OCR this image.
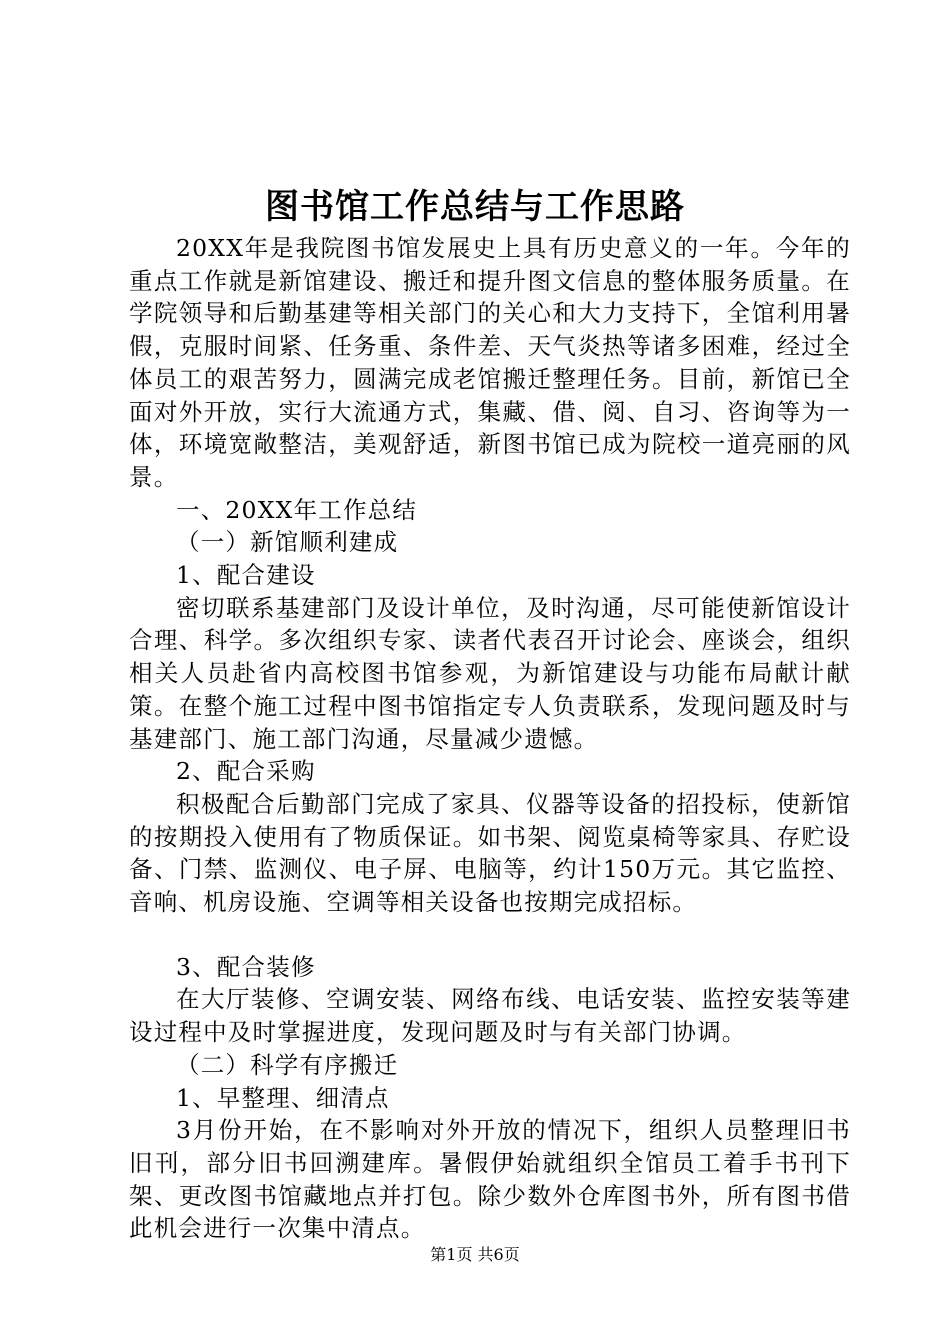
图书馆工作总结与工作思路

20XX年是我院图书馆发展史上具有历史意义的一年。今年的重点工作就是新馆建设、搬迁和提升图文信息的整体服务质量。在学院领导和后勤基建等相关部门的关心和大力支持下，全馆利用暑假，克服时间紧、任务重、条件差、天气炎热等诸多困难，经过全体员工的艰苦努力，圆满完成老馆搬迁整理任务。目前，新馆已全面对外开放，实行大流通方式，集藏、借、阅、自习、咨询等为一体，环境宽敞整洁，美观舒适，新图书馆已成为院校一道亮丽的风景。

一、20XX年工作总结

（一）新馆顺利建成

1、配合建设

密切联系基建部门及设计单位，及时沟通，尽可能使新馆设计合理、科学。多次组织专家、读者代表召开讨论会、座谈会，组织相关人员赴省内高校图书馆参观，为新馆建设与功能布局献计献策。在整个施工过程中图书馆指定专人负责联系，发现问题及时与基建部门、施工部门沟通，尽量减少遗憾。

2、配合采购

积极配合后勤部门完成了家具、仪器等设备的招投标，使新馆的按期投入使用有了物质保证。如书架、阅览桌椅等家具、存贮设备、门禁、监测仪、电子屏、电脑等，约计150万元。其它监控、音响、机房设施、空调等相关设备也按期完成招标。

3、配合装修

在大厅装修、空调安装、网络布线、电话安装、监控安装等建设过程中及时掌握进度，发现问题及时与有关部门协调。

（二）科学有序搬迁

1、早整理、细清点

3月份开始，在不影响对外开放的情况下，组织人员整理旧书旧刊，部分旧书回溯建库。暑假伊始就组织全馆员工着手书刊下架、更改图书馆藏地点并打包。除少数外仓库图书外，所有图书借此机会进行一次集中清点。

第1页 共6页
